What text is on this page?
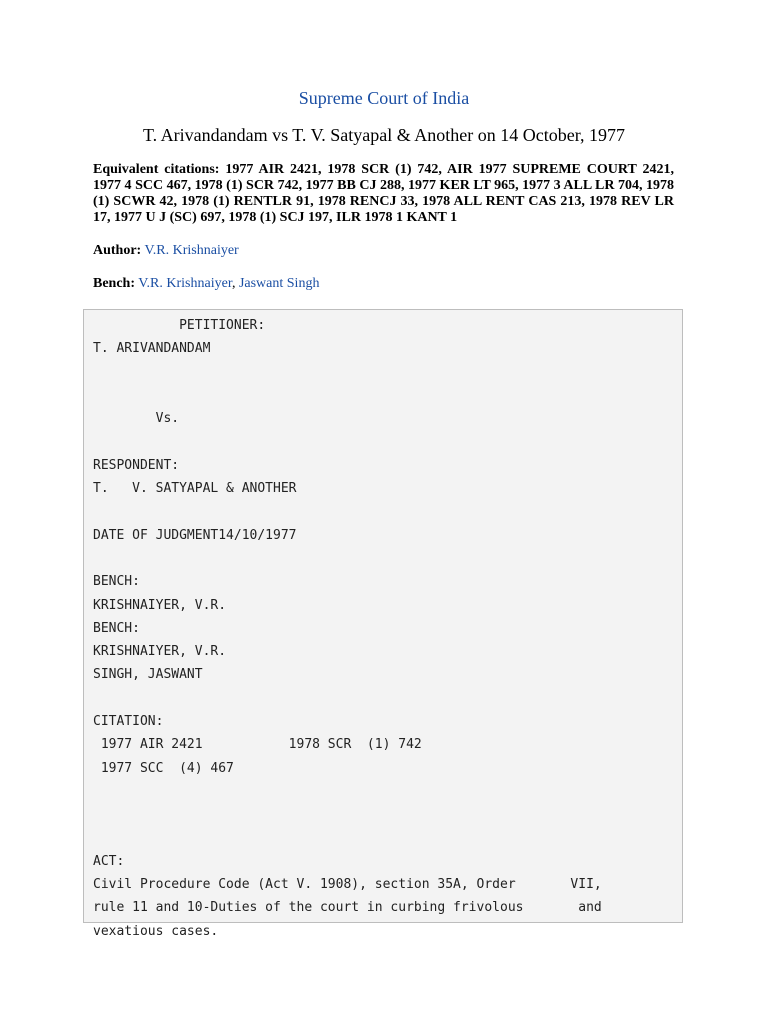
Supreme Court of India
T. Arivandandam vs T. V. Satyapal & Another on 14 October, 1977
Equivalent citations: 1977 AIR 2421, 1978 SCR (1) 742, AIR 1977 SUPREME COURT 2421, 1977 4 SCC 467, 1978 (1) SCR 742, 1977 BB CJ 288, 1977 KER LT 965, 1977 3 ALL LR 704, 1978 (1) SCWR 42, 1978 (1) RENTLR 91, 1978 RENCJ 33, 1978 ALL RENT CAS 213, 1978 REV LR 17, 1977 U J (SC) 697, 1978 (1) SCJ 197, ILR 1978 1 KANT 1
Author: V.R. Krishnaiyer
Bench: V.R. Krishnaiyer, Jaswant Singh
PETITIONER:
T. ARIVANDANDAM

Vs.

RESPONDENT:
T.   V. SATYAPAL & ANOTHER

DATE OF JUDGMENT14/10/1977

BENCH:
KRISHNAIYER, V.R.
BENCH:
KRISHNAIYER, V.R.
SINGH, JASWANT

CITATION:
1977 AIR 2421           1978 SCR  (1) 742
1977 SCC  (4) 467

ACT:
Civil Procedure Code (Act V. 1908), section 35A, Order       VII,
rule 11 and 10-Duties of the court in curbing frivolous       and
vexatious cases.
